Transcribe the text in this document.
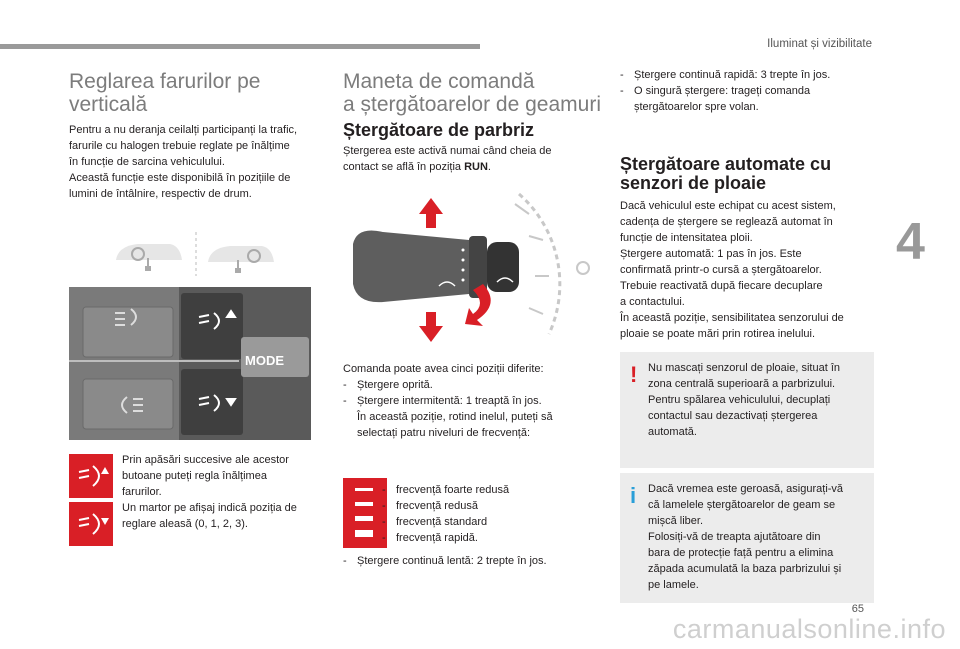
Iluminat și vizibilitate
4
65
carmanualsonline.info
Reglarea farurilor pe
verticală

Pentru a nu deranja ceilalți participanți la trafic,

farurile cu halogen trebuie reglate pe înălțime

în funcție de sarcina vehiculului.

Această funcție este disponibilă în pozițiile de

lumini de întâlnire, respectiv de drum.

MODE

Prin apăsări succesive ale acestor

butoane puteți regla înălțimea

farurilor.

Un martor pe afișaj indică poziția de

reglare aleasă (0, 1, 2, 3).

Maneta de comandă
a ștergătoarelor de geamuri
Ștergătoare de parbriz

Ștergerea este activă numai când cheia de

contact se află în poziția RUN.

Comanda poate avea cinci poziții diferite:

- Ștergere oprită.
- Ștergere intermitentă: 1 treaptă în jos.

În această poziție, rotind inelul, puteți să

selectați patru niveluri de frecvență:

- frecvență foarte redusă
- frecvență redusă
- frecvență standard
- frecvență rapidă.
- Ștergere continuă lentă: 2 trepte în jos.
- Ștergere continuă rapidă: 3 trepte în jos.
- O singură ștergere: trageți comanda

ștergătoarelor spre volan.

Ștergătoare automate cu
senzori de ploaie

Dacă vehiculul este echipat cu acest sistem,

cadența de ștergere se reglează automat în

funcție de intensitatea ploii.

Ștergere automată: 1 pas în jos. Este

confirmată printr-o cursă a ștergătoarelor.

Trebuie reactivată după fiecare decuplare

a contactului.

În această poziție, sensibilitatea senzorului de

ploaie se poate mări prin rotirea inelului.

! Nu mascați senzorul de ploaie, situat în

zona centrală superioară a parbrizului.

Pentru spălarea vehiculului, decuplați

contactul sau dezactivați ștergerea

automată.

i Dacă vremea este geroasă, asigurați-vă

că lamelele ștergătoarelor de geam se

mișcă liber.

Folosiți-vă de treapta ajutătoare din

bara de protecție față pentru a elimina

zăpada acumulată la baza parbrizului și

pe lamele.
